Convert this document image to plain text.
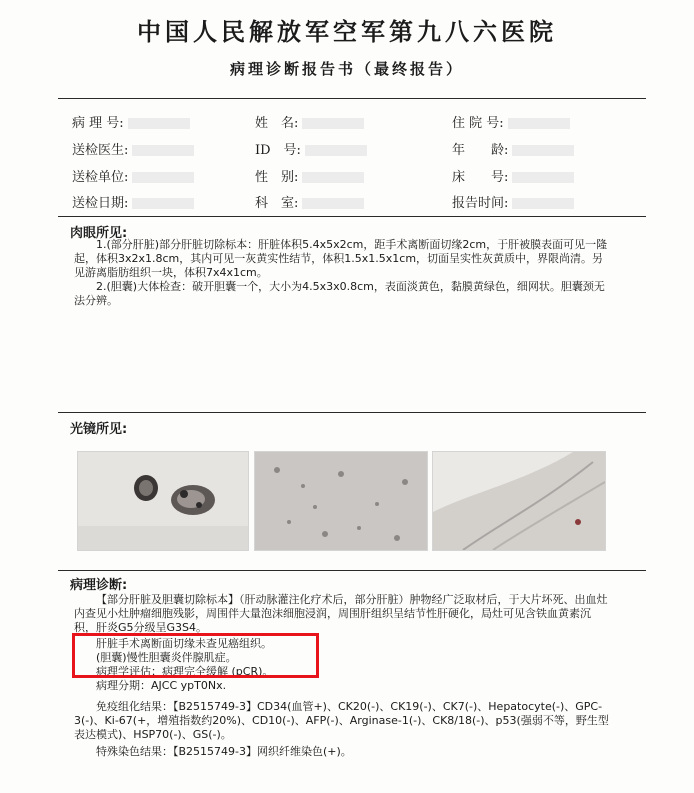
中国人民解放军空军第九八六医院
病理诊断报告书（最终报告）
病 理 号:	姓　名:	住 院 号:
送检医生:	ID　号:	年　　龄:
送检单位:	性　别:	床　　号:
送检日期:	科　室:	报告时间:
肉眼所见:
1.(部分肝脏)部分肝脏切除标本：肝脏体积5.4x5x2cm，距手术离断面切缘2cm，于肝被膜表面可见一隆起，体积3x2x1.8cm，其内可见一灰黄实性结节，体积1.5x1.5x1cm，切面呈实性灰黄质中，界限尚清。另见游离脂肪组织一块，体积7x4x1cm。
2.(胆囊)大体检查：破开胆囊一个，大小为4.5x3x0.8cm，表面淡黄色，黏膜黄绿色，细网状。胆囊颈无法分辨。
光镜所见:
病理诊断:
【部分肝脏及胆囊切除标本】（肝动脉灌注化疗术后，部分肝脏）肿物经广泛取材后，于大片坏死、出血灶内查见小灶肿瘤细胞残影，周围伴大量泡沫细胞浸润，周围肝组织呈结节性肝硬化，局灶可见含铁血黄素沉积，肝炎G5分级呈G3S4。
肝脏手术离断面切缘未查见癌组织。
(胆囊)慢性胆囊炎伴腺肌症。
病理学评估：病理完全缓解 (pCR)。
病理分期：AJCC ypT0Nx.
免疫组化结果：【B2515749-3】CD34(血管+)、CK20(-)、CK19(-)、CK7(-)、Hepatocyte(-)、GPC-3(-)、Ki-67(+，增殖指数约20%)、CD10(-)、AFP(-)、Arginase-1(-)、CK8/18(-)、p53(强弱不等，野生型表达模式)、HSP70(-)、GS(-)。
特殊染色结果：【B2515749-3】网织纤维染色(+)。
